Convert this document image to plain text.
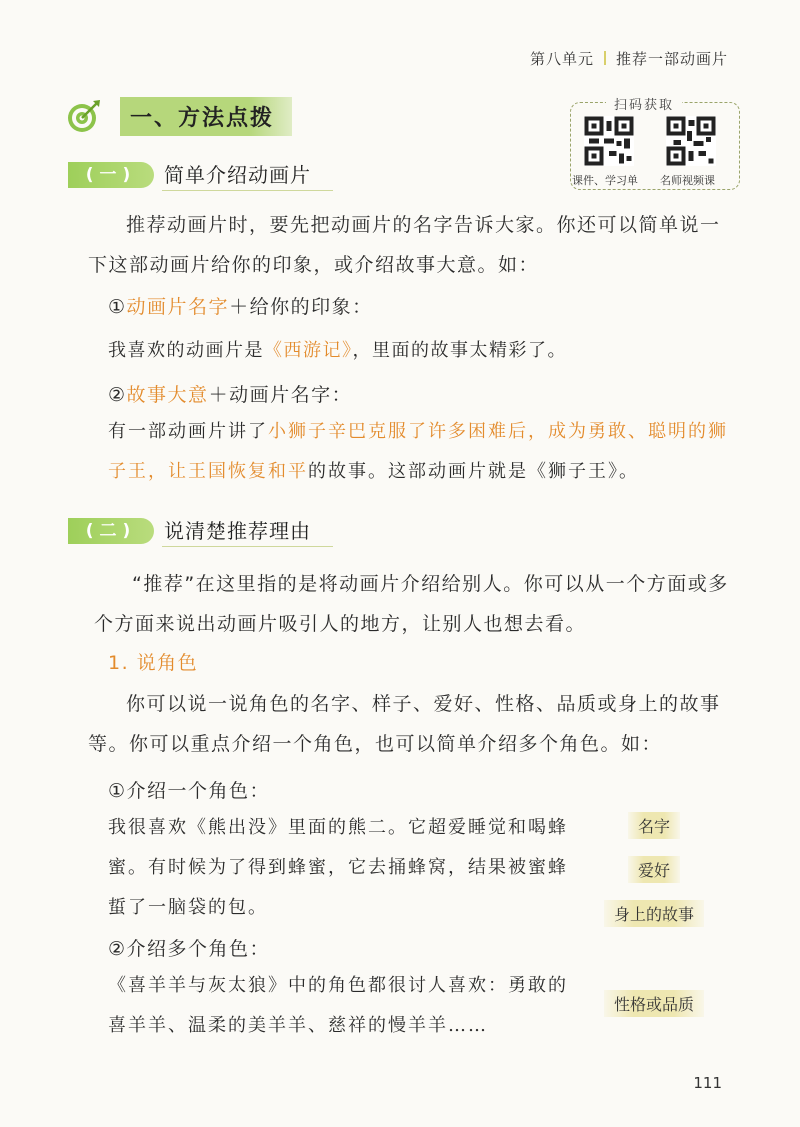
第八单元 推荐一部动画片
一、方法点拨	扫码获取
课件、学习单 名师视频课
(一)	简单介绍动画片

推荐动画片时，要先把动画片的名字告诉大家。你还可以简单说一下这部动画片给你的印象，或介绍故事大意。如：

①动画片名字＋给你的印象：
我喜欢的动画片是《西游记》，里面的故事太精彩了。
②故事大意＋动画片名字：

有一部动画片讲了小狮子辛巴克服了许多困难后，成为勇敢、聪明的狮子王，让王国恢复和平的故事。这部动画片就是《狮子王》。

(二)	说清楚推荐理由

“推荐”在这里指的是将动画片介绍给别人。你可以从一个方面或多个方面来说出动画片吸引人的地方，让别人也想去看。

1. 说角色

你可以说一说角色的名字、样子、爱好、性格、品质或身上的故事等。你可以重点介绍一个角色，也可以简单介绍多个角色。如：

①介绍一个角色：

我很喜欢《熊出没》里面的熊二。它超爱睡觉和喝蜂蜜。有时候为了得到蜂蜜，它去捅蜂窝，结果被蜜蜂蜇了一脑袋的包。

②介绍多个角色：

《喜羊羊与灰太狼》中的角色都很讨人喜欢：勇敢的喜羊羊、温柔的美羊羊、慈祥的慢羊羊……

名字
爱好
身上的故事
性格或品质
111
